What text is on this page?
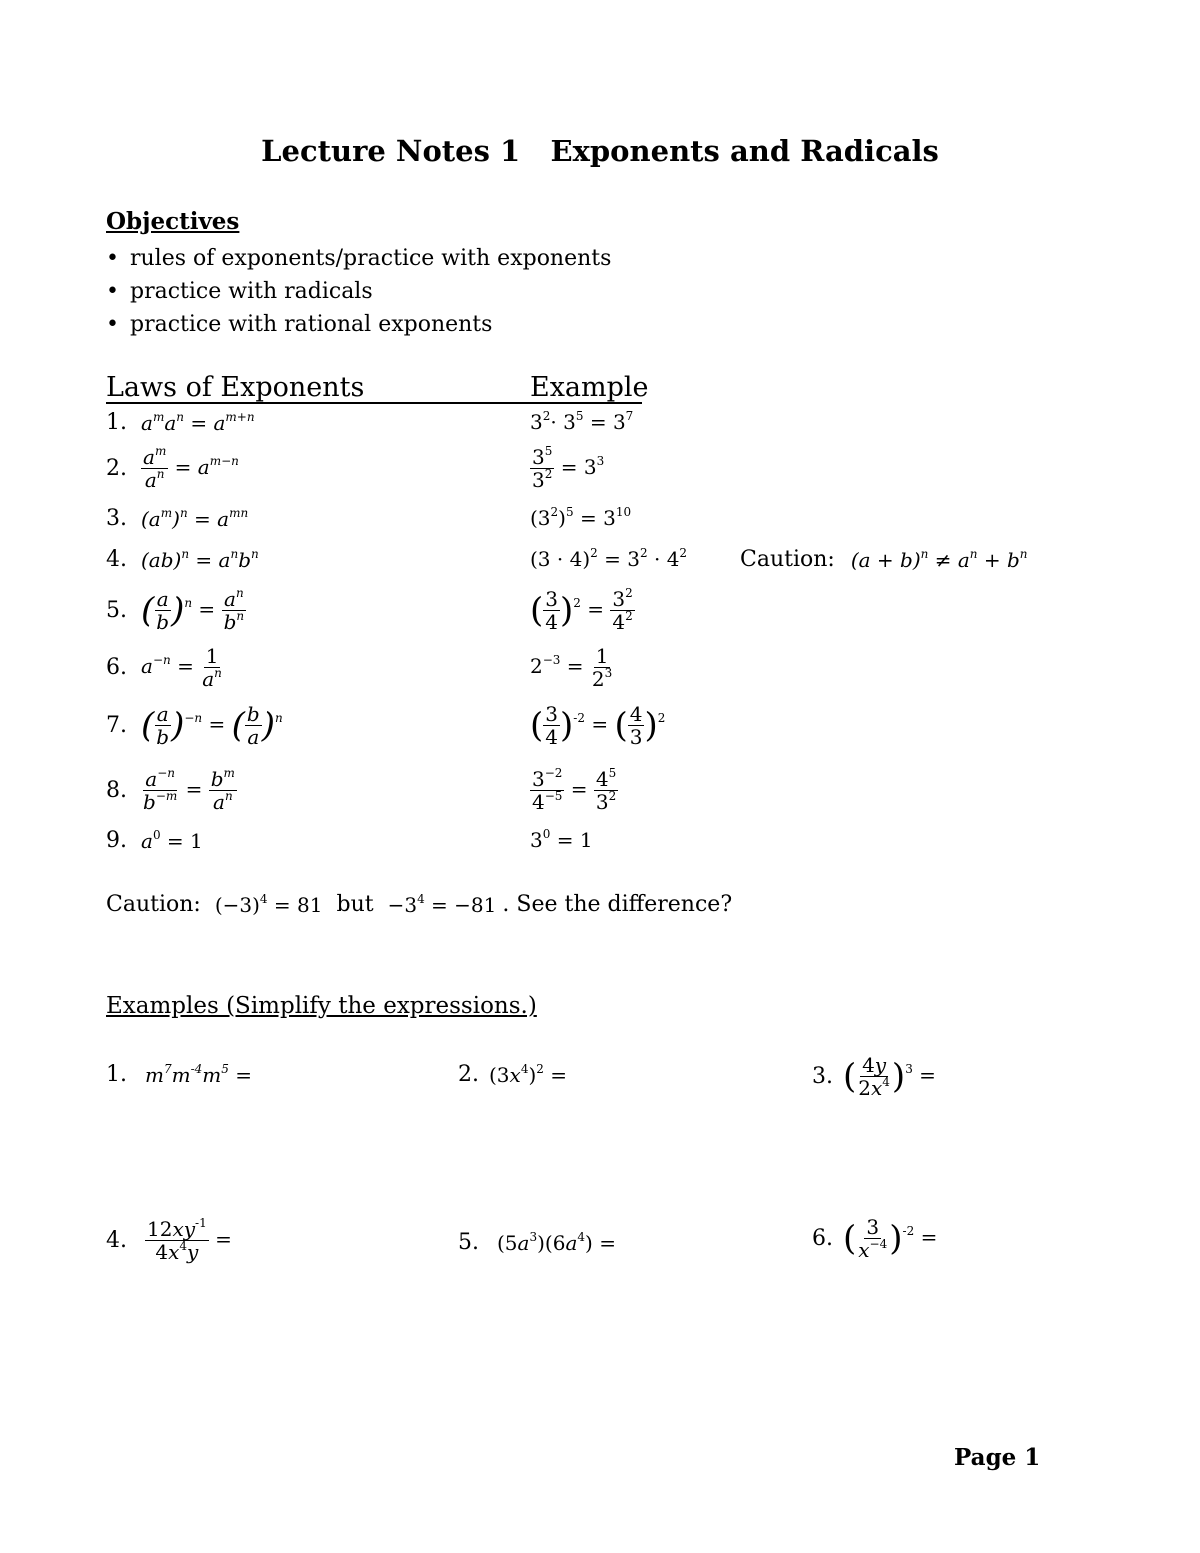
Lecture Notes 1   Exponents and Radicals
Objectives
• rules of exponents/practice with exponents
• practice with radicals
• practice with rational exponents
Laws of Exponents	Example
1. $a^ma^n = a^{m+n}$	$3^2\cdot 3^5 = 3^7$
2. $\frac{a^m}{a^n} = a^{m-n}$	$\frac{3^5}{3^2} = 3^3$
3. $(a^m)^n = a^{mn}$	$(3^2)^5 = 3^{10}$
4. $(ab)^n = a^nb^n$	$(3 \cdot 4)^2 = 3^2 \cdot 4^2$ Caution: $(a + b)^n \ne a^n + b^n$
5. ( $\frac{a}{b} )^n = \frac{a^n}{b^n}$	( $\frac{3}{4} )^2 = \frac{3^2}{4^2}$
6. $a^{-n} = \frac{1}{a^n}$	$2^{-3} = \frac{1}{2^3}$
7. ( $\frac{a}{b} )^{-n}$ = ( $\frac{b}{a} )^n$	( $\frac{3}{4} )^{-2}$ = ( $\frac{4}{3} )^2$
8. $\frac{a^{-n}}{b^{-m}} = \frac{b^m}{a^n}$	$\frac{3^{-2}}{4^{-5}} = \frac{4^5}{3^2}$
9. $a^0 = 1$	$3^0 = 1$
Caution: $(-3)^4 = 81$ but $-3^4 = -81$ . See the difference?
Examples (Simplify the expressions.)
1. $m^7m^{-4}m^5$ =	2. $(3x^4)^2$ =	3. ( $\frac{4y}{2x^4} )^3$ =
4. $\frac{12xy^{-1}}{4x^4y}$ =	5. $(5a^3)(6a^4)$ =	6. ( $\frac{3}{x^{-4}} )^{-2}$ =
Page 1
